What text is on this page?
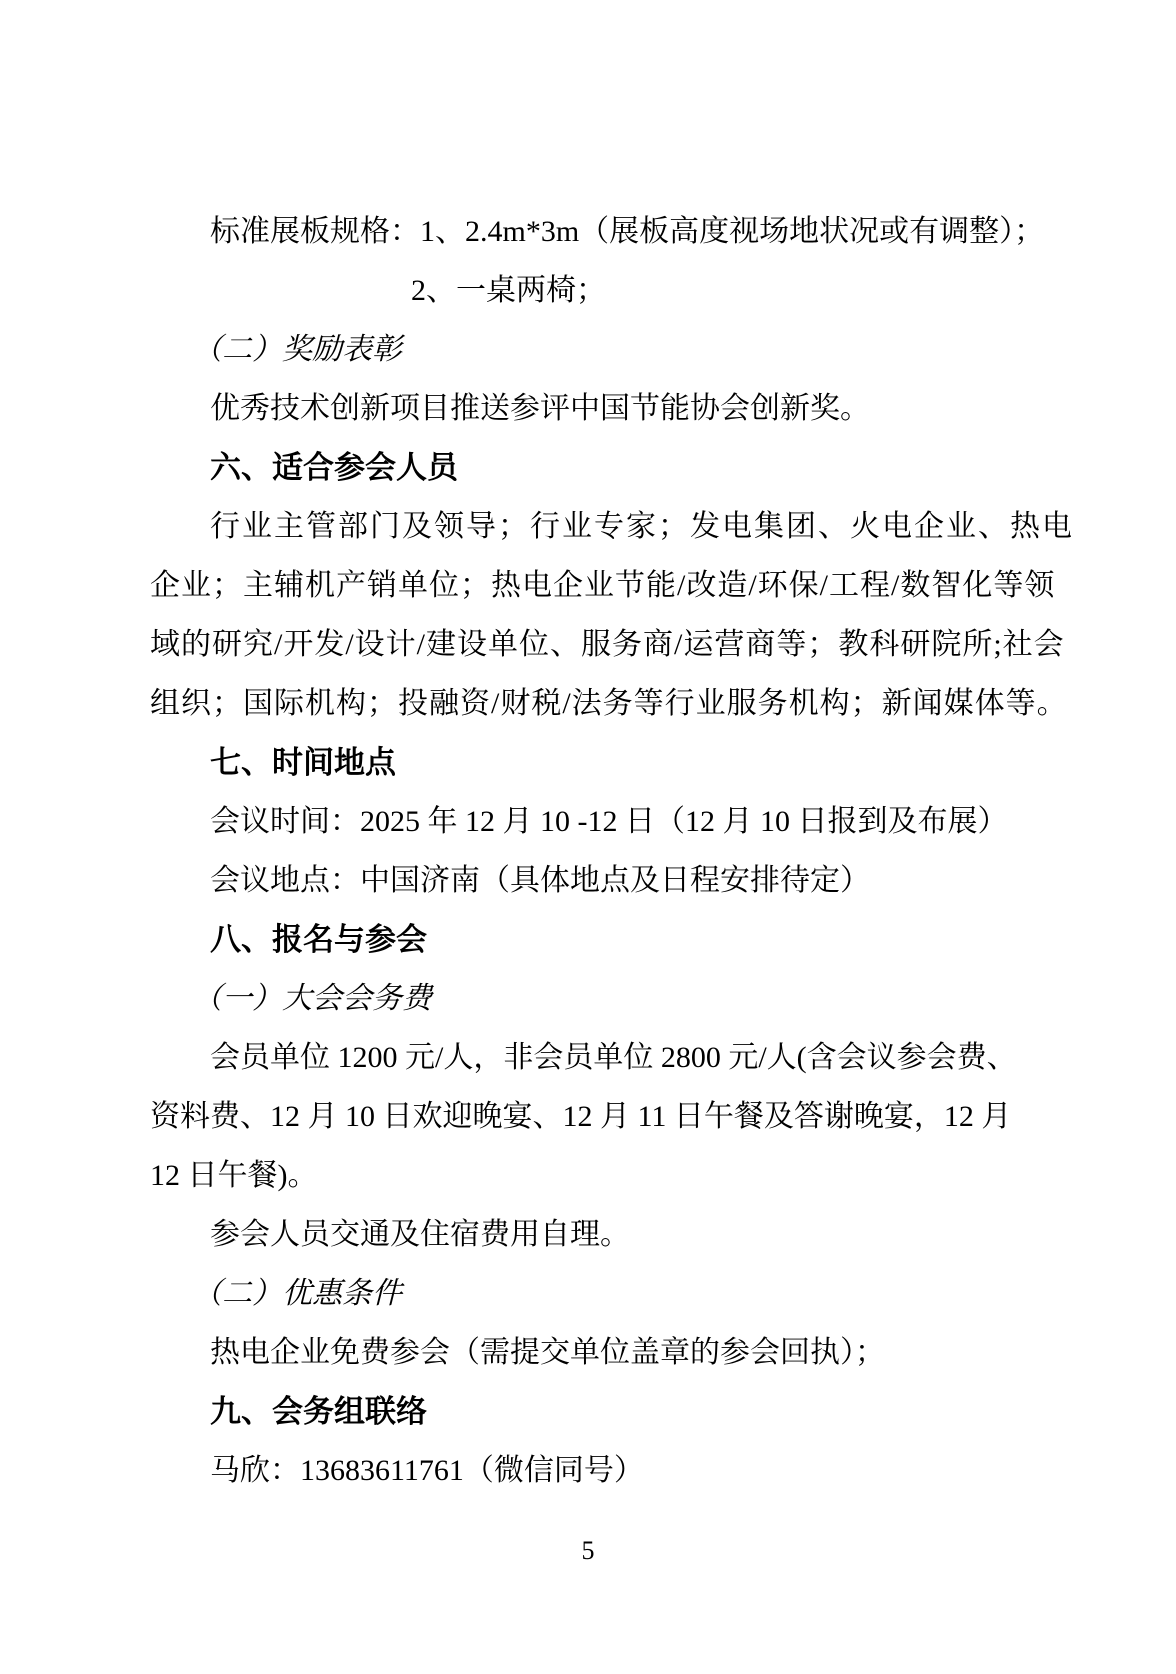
标准展板规格：1、2.4m*3m（展板高度视场地状况或有调整）；
2、一桌两椅；
（二）奖励表彰
优秀技术创新项目推送参评中国节能协会创新奖。
六、适合参会人员
行业主管部门及领导；行业专家；发电集团、火电企业、热电
企业；主辅机产销单位；热电企业节能/改造/环保/工程/数智化等领
域的研究/开发/设计/建设单位、服务商/运营商等；教科研院所;社会
组织；国际机构；投融资/财税/法务等行业服务机构；新闻媒体等。
七、时间地点
会议时间：2025 年 12 月 10 -12 日（12 月 10 日报到及布展）
会议地点：中国济南（具体地点及日程安排待定）
八、报名与参会
（一）大会会务费
会员单位 1200 元/人，非会员单位 2800 元/人(含会议参会费、
资料费、12 月 10 日欢迎晚宴、12 月 11 日午餐及答谢晚宴，12 月
12 日午餐)。
参会人员交通及住宿费用自理。
（二）优惠条件
热电企业免费参会（需提交单位盖章的参会回执）；
九、会务组联络
马欣：13683611761（微信同号）
5
